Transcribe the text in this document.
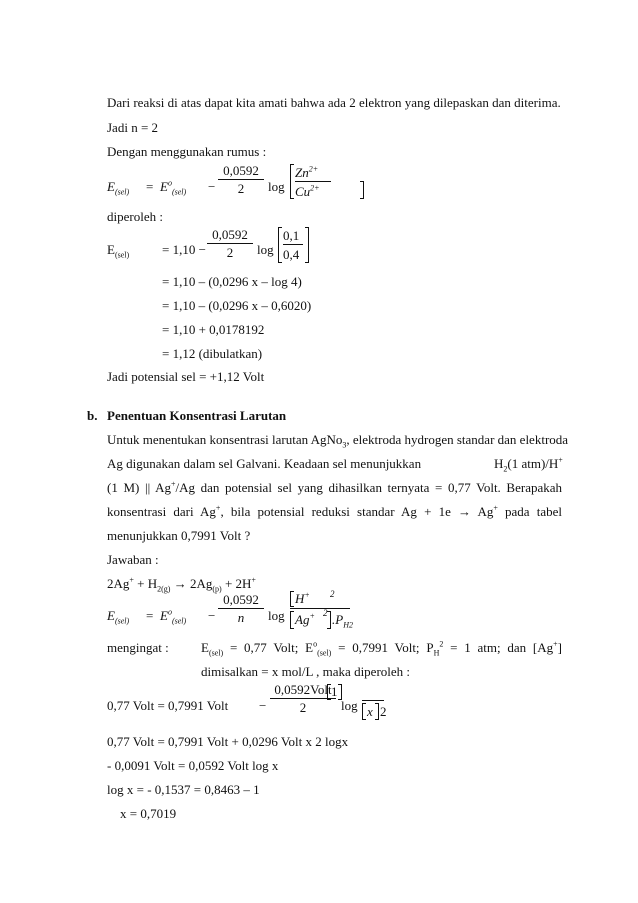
Dari reaksi di atas dapat kita amati bahwa ada 2 elektron yang dilepaskan dan diterima.
Jadi n = 2
Dengan menggunakan rumus :
$E_{(sel)} = E^o_{(sel)}$ −
0,0592
2	log
$Zn^{2+}$
$Cu^{2+}$
diperoleh :
$E_{(sel)}$	= 1,10 −
0,0592
2	log
0,1
0,4
= 1,10 – (0,0296 x – log 4)
= 1,10 – (0,0296 x – 0,6020)
= 1,10 + 0,0178192
= 1,12 (dibulatkan)
Jadi potensial sel = +1,12 Volt
b. Penentuan Konsentrasi Larutan
Untuk menentukan konsentrasi larutan AgNo$_3$, elektroda hydrogen standar dan elektroda
Ag digunakan dalam sel Galvani. Keadaan sel menunjukkan	$H_2(1$ atm)/H+
(1 M) || Ag+/Ag dan potensial sel yang dihasilkan ternyata = 0,77 Volt. Berapakah
konsentrasi dari Ag+, bila potensial reduksi standar Ag + 1e → Ag+ pada tabel
menunjukkan 0,7991 Volt ?
Jawaban :
$2Ag^+ + H_{2(g)} \to 2Ag_{(p)} + 2H^+$
$E_{(sel)} = E^o_{(sel)}$ −
0,0592
n	log
H+ 2
Ag+ 2 $.P_{H2}$
mengingat : $E_{(sel)} = 0,77$ Volt; $E^o_{(sel)} = 0,7991$ Volt; $P_H^2 = 1$ atm; dan [Ag+]
dimisalkan = x mol/L , maka diperoleh :
0,77 Volt = 0,7991 Volt −
0,0592Volt
2	log
1
x 2
0,77 Volt = 0,7991 Volt + 0,0296 Volt x 2 logx
- 0,0091 Volt = 0,0592 Volt log x
log x = - 0,1537 = 0,8463 – 1
x = 0,7019
